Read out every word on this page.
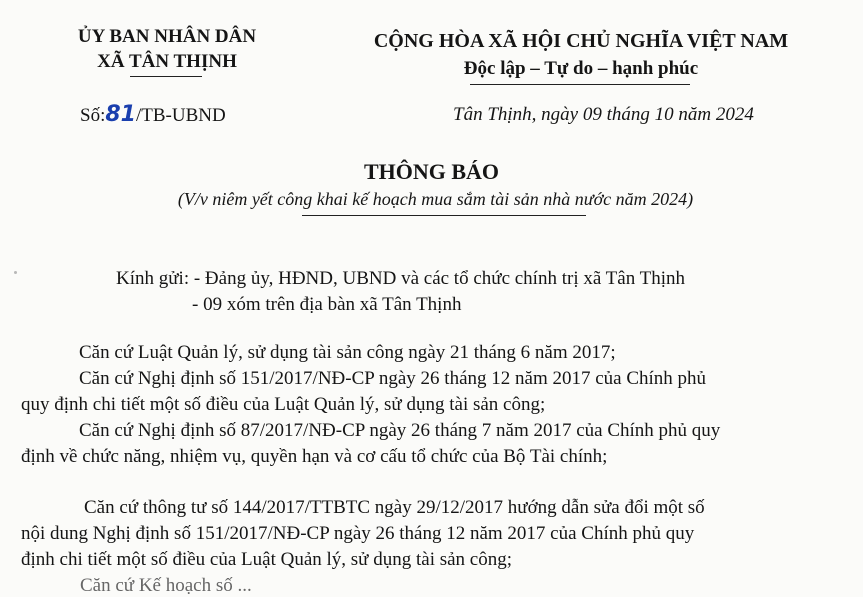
ỦY BAN NHÂN DÂN
XÃ TÂN THỊNH
CỘNG HÒA XÃ HỘI CHỦ NGHĨA VIỆT NAM
Độc lập – Tự do – hạnh phúc
Số:81/TB-UBND	Tân Thịnh, ngày 09 tháng 10 năm 2024
THÔNG BÁO
(V/v niêm yết công khai kế hoạch mua sắm tài sản nhà nước năm 2024)
Kính gửi: - Đảng ủy, HĐND, UBND và các tổ chức chính trị xã Tân Thịnh
- 09 xóm trên địa bàn xã Tân Thịnh
Căn cứ Luật Quản lý, sử dụng tài sản công ngày 21 tháng 6 năm 2017;
Căn cứ Nghị định số 151/2017/NĐ-CP ngày 26 tháng 12 năm 2017 của Chính phủ
quy định chi tiết một số điều của Luật Quản lý, sử dụng tài sản công;
Căn cứ Nghị định số 87/2017/NĐ-CP ngày 26 tháng 7 năm 2017 của Chính phủ quy
định về chức năng, nhiệm vụ, quyền hạn và cơ cấu tổ chức của Bộ Tài chính;
Căn cứ thông tư số 144/2017/TTBTC ngày 29/12/2017 hướng dẫn sửa đổi một số
nội dung Nghị định số 151/2017/NĐ-CP ngày 26 tháng 12 năm 2017 của Chính phủ quy
định chi tiết một số điều của Luật Quản lý, sử dụng tài sản công;
Căn cứ Kế hoạch số ...
